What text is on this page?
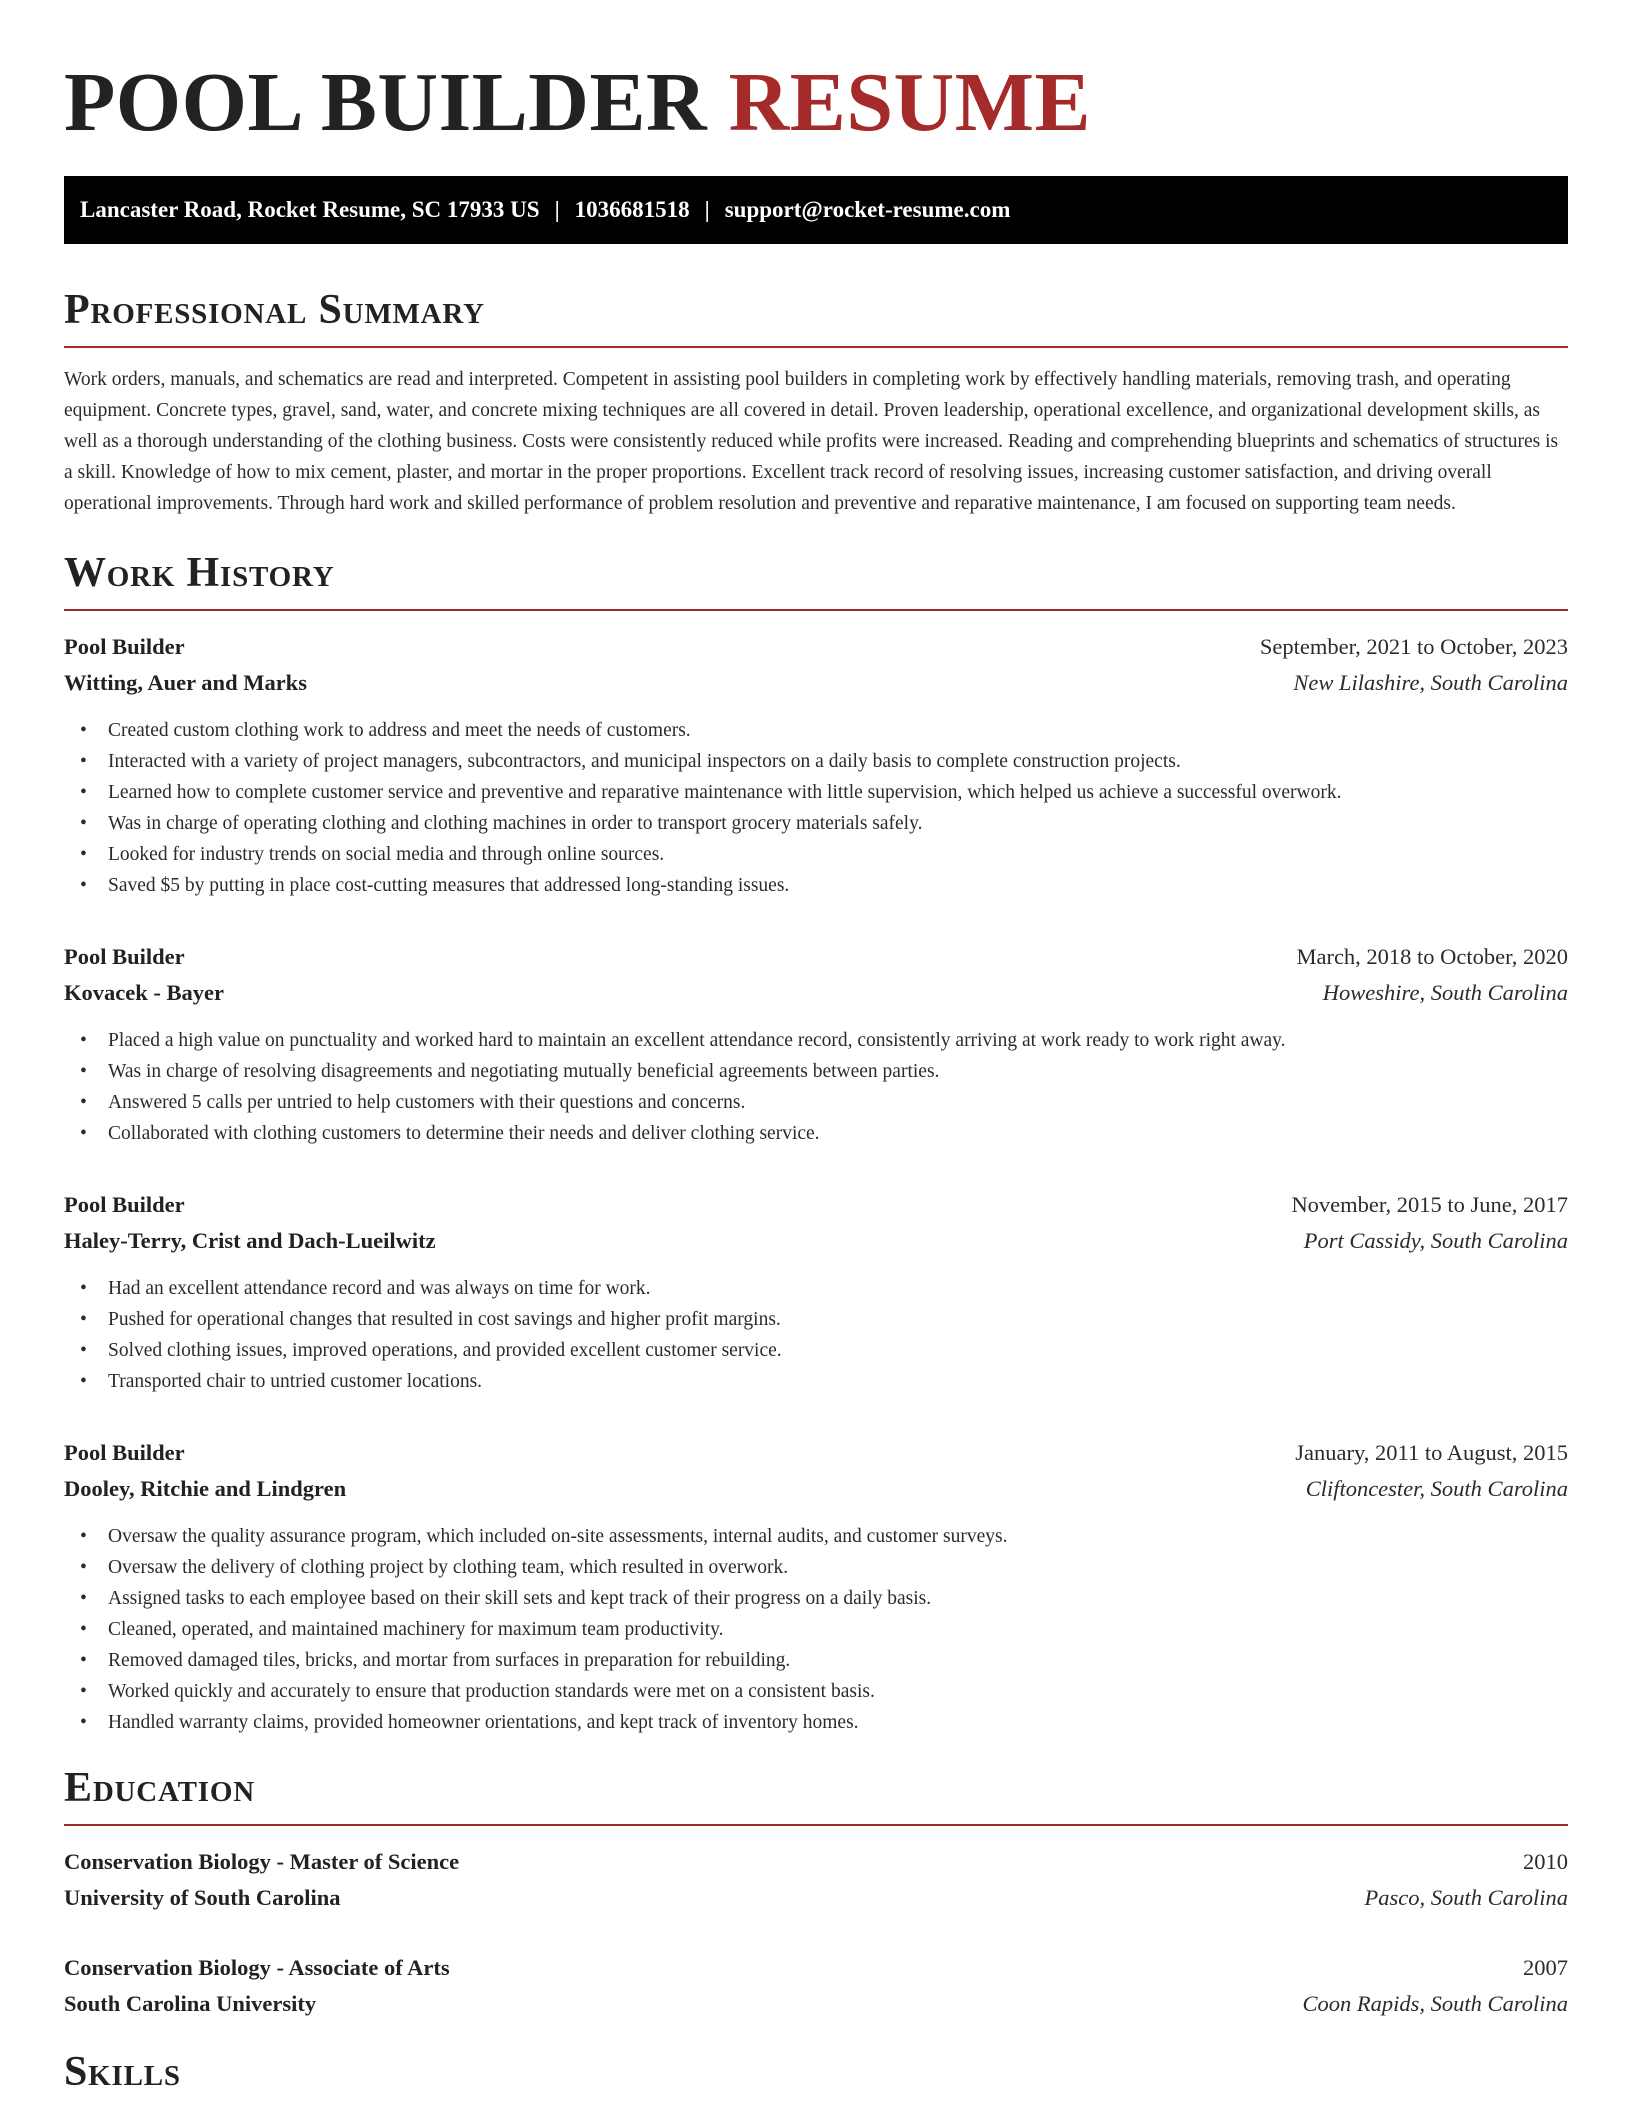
POOL BUILDER RESUME
Lancaster Road, Rocket Resume, SC 17933 US | 1036681518 | support@rocket-resume.com
Professional Summary

Work orders, manuals, and schematics are read and interpreted. Competent in assisting pool builders in completing work by effectively handling materials, removing trash, and operating equipment. Concrete types, gravel, sand, water, and concrete mixing techniques are all covered in detail. Proven leadership, operational excellence, and organizational development skills, as well as a thorough understanding of the clothing business. Costs were consistently reduced while profits were increased. Reading and comprehending blueprints and schematics of structures is a skill. Knowledge of how to mix cement, plaster, and mortar in the proper proportions. Excellent track record of resolving issues, increasing customer satisfaction, and driving overall operational improvements. Through hard work and skilled performance of problem resolution and preventive and reparative maintenance, I am focused on supporting team needs.

Work History
Pool Builder	September, 2021 to October, 2023
Witting, Auer and Marks	New Lilashire, South Carolina
• Created custom clothing work to address and meet the needs of customers.
• Interacted with a variety of project managers, subcontractors, and municipal inspectors on a daily basis to complete construction projects.
• Learned how to complete customer service and preventive and reparative maintenance with little supervision, which helped us achieve a successful overwork.
• Was in charge of operating clothing and clothing machines in order to transport grocery materials safely.
• Looked for industry trends on social media and through online sources.
• Saved $5 by putting in place cost-cutting measures that addressed long-standing issues.
Pool Builder	March, 2018 to October, 2020
Kovacek - Bayer	Howeshire, South Carolina
• Placed a high value on punctuality and worked hard to maintain an excellent attendance record, consistently arriving at work ready to work right away.
• Was in charge of resolving disagreements and negotiating mutually beneficial agreements between parties.
• Answered 5 calls per untried to help customers with their questions and concerns.
• Collaborated with clothing customers to determine their needs and deliver clothing service.
Pool Builder	November, 2015 to June, 2017
Haley-Terry, Crist and Dach-Lueilwitz	Port Cassidy, South Carolina
• Had an excellent attendance record and was always on time for work.
• Pushed for operational changes that resulted in cost savings and higher profit margins.
• Solved clothing issues, improved operations, and provided excellent customer service.
• Transported chair to untried customer locations.
Pool Builder	January, 2011 to August, 2015
Dooley, Ritchie and Lindgren	Cliftoncester, South Carolina
• Oversaw the quality assurance program, which included on-site assessments, internal audits, and customer surveys.
• Oversaw the delivery of clothing project by clothing team, which resulted in overwork.
• Assigned tasks to each employee based on their skill sets and kept track of their progress on a daily basis.
• Cleaned, operated, and maintained machinery for maximum team productivity.
• Removed damaged tiles, bricks, and mortar from surfaces in preparation for rebuilding.
• Worked quickly and accurately to ensure that production standards were met on a consistent basis.
• Handled warranty claims, provided homeowner orientations, and kept track of inventory homes.
Education
Conservation Biology - Master of Science	2010
University of South Carolina	Pasco, South Carolina
Conservation Biology - Associate of Arts	2007
South Carolina University	Coon Rapids, South Carolina
Skills
